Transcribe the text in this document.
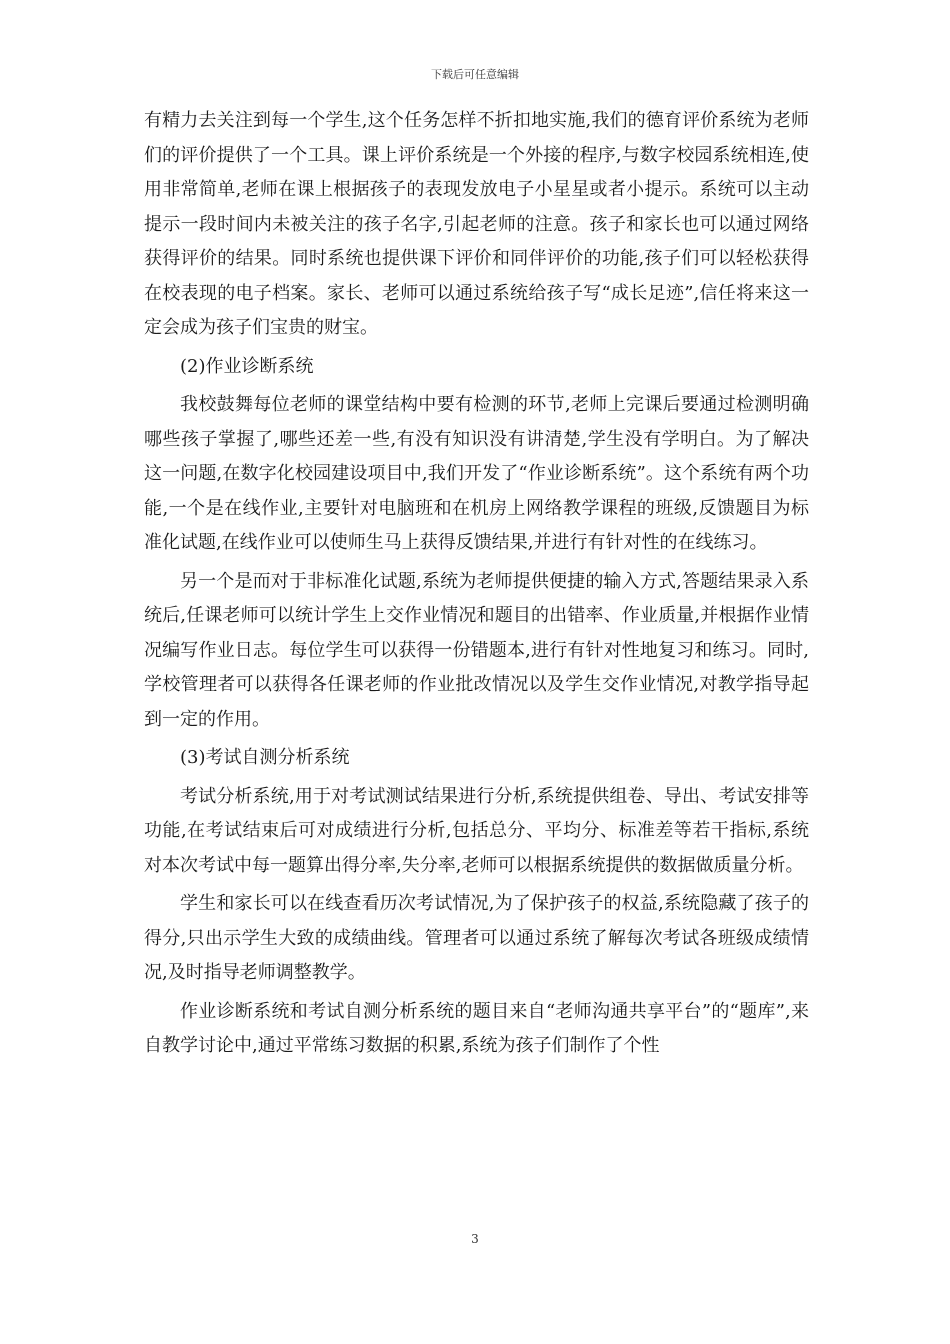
下载后可任意编辑

有精力去关注到每一个学生,这个任务怎样不折扣地实施,我们的德育评价系统为老师们的评价提供了一个工具。课上评价系统是一个外接的程序,与数字校园系统相连,使用非常简单,老师在课上根据孩子的表现发放电子小星星或者小提示。系统可以主动提示一段时间内未被关注的孩子名字,引起老师的注意。孩子和家长也可以通过网络获得评价的结果。同时系统也提供课下评价和同伴评价的功能,孩子们可以轻松获得在校表现的电子档案。家长、老师可以通过系统给孩子写“成长足迹”,信任将来这一定会成为孩子们宝贵的财宝。

(2)作业诊断系统

我校鼓舞每位老师的课堂结构中要有检测的环节,老师上完课后要通过检测明确哪些孩子掌握了,哪些还差一些,有没有知识没有讲清楚,学生没有学明白。为了解决这一问题,在数字化校园建设项目中,我们开发了“作业诊断系统”。这个系统有两个功能,一个是在线作业,主要针对电脑班和在机房上网络教学课程的班级,反馈题目为标准化试题,在线作业可以使师生马上获得反馈结果,并进行有针对性的在线练习。

另一个是而对于非标准化试题,系统为老师提供便捷的输入方式,答题结果录入系统后,任课老师可以统计学生上交作业情况和题目的出错率、作业质量,并根据作业情况编写作业日志。每位学生可以获得一份错题本,进行有针对性地复习和练习。同时,学校管理者可以获得各任课老师的作业批改情况以及学生交作业情况,对教学指导起到一定的作用。

(3)考试自测分析系统

考试分析系统,用于对考试测试结果进行分析,系统提供组卷、导出、考试安排等功能,在考试结束后可对成绩进行分析,包括总分、平均分、标准差等若干指标,系统对本次考试中每一题算出得分率,失分率,老师可以根据系统提供的数据做质量分析。

学生和家长可以在线查看历次考试情况,为了保护孩子的权益,系统隐藏了孩子的得分,只出示学生大致的成绩曲线。管理者可以通过系统了解每次考试各班级成绩情况,及时指导老师调整教学。

作业诊断系统和考试自测分析系统的题目来自“老师沟通共享平台”的“题库”,来自教学讨论中,通过平常练习数据的积累,系统为孩子们制作了个性

3
